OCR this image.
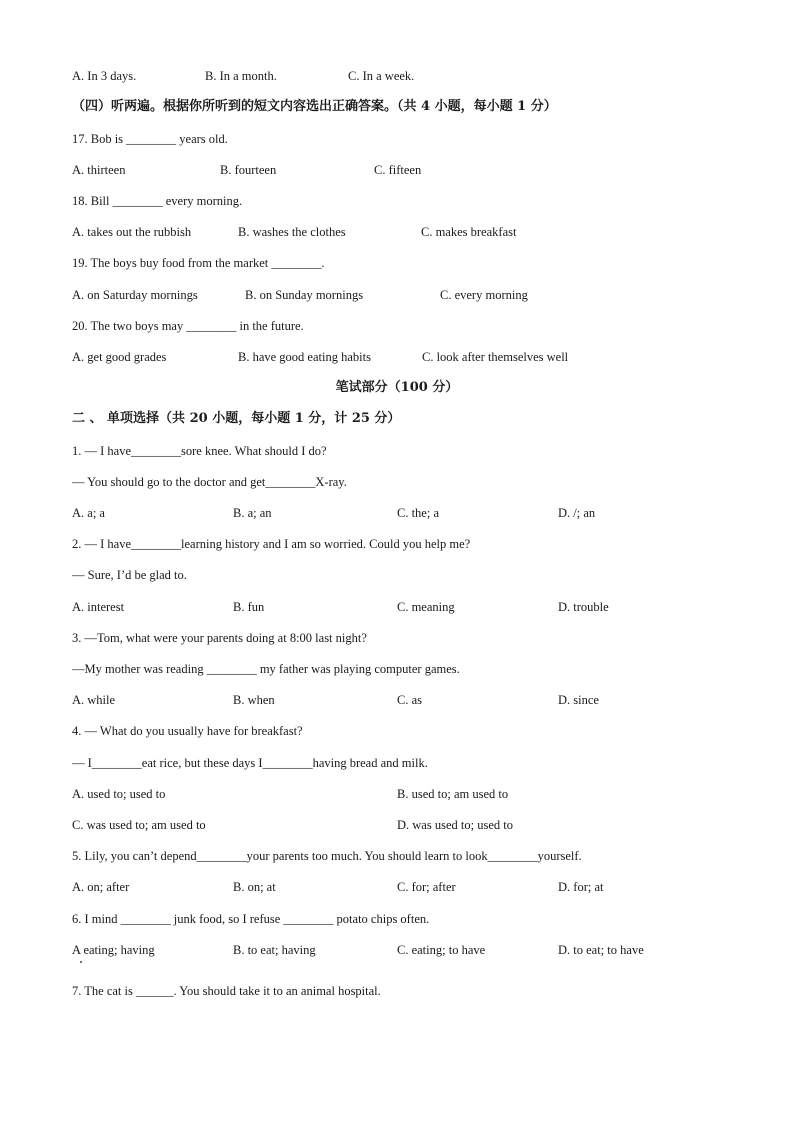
A. In 3 days.	B. In a month.	C. In a week.
（四）听两遍。根据你所听到的短文内容选出正确答案。（共 4 小题，每小题 1 分）
17. Bob is ________ years old.
A. thirteen	B. fourteen	C. fifteen
18. Bill ________ every morning.
A. takes out the rubbish	B. washes the clothes	C. makes breakfast
19. The boys buy food from the market ________.
A. on Saturday mornings	B. on Sunday mornings	C. every morning
20. The two boys may ________ in the future.
A. get good grades	B. have good eating habits	C. look after themselves well
笔试部分（100 分）
二 、 单项选择（共 20 小题，每小题 1 分，计 25 分）
1. — I have________sore knee. What should I do?
— You should go to the doctor and get________X-ray.
A. a; a	B. a; an	C. the; a	D. /; an
2. — I have________learning history and I am so worried. Could you help me?
— Sure, I’d be glad to.
A. interest	B. fun	C. meaning	D. trouble
3. —Tom, what were your parents doing at 8:00 last night?
—My mother was reading ________ my father was playing computer games.
A. while	B. when	C. as	D. since
4. — What do you usually have for breakfast?
— I________eat rice, but these days I________having bread and milk.
A. used to; used to	B. used to; am used to
C. was used to; am used to	D. was used to; used to
5. Lily, you can’t depend________your parents too much. You should learn to look________yourself.
A. on; after	B. on; at	C. for; after	D. for; at
6. I mind ________ junk food, so I refuse ________ potato chips often.
A eating; having	B. to eat; having	C. eating; to have	D. to eat; to have
7. The cat is ______. You should take it to an animal hospital.
